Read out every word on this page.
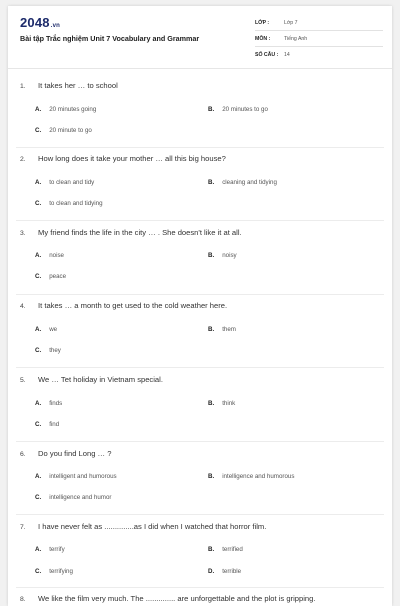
2048.vn
Bài tập Trắc nghiệm Unit 7 Vocabulary and Grammar
LỚP :	Lớp 7
MÔN :	Tiếng Anh
SỐ CÂU :	14
1.	It takes her … to school
A. 20 minutes going	B. 20 minutes to go
C. 20 minute to go
2.	How long does it take your mother … all this big house?
A. to clean and tidy	B. cleaning and tidying
C. to clean and tidying
3.	My friend finds the life in the city … . She doesn't like it at all.
A. noise	B. noisy
C. peace
4.	It takes … a month to get used to the cold weather here.
A. we	B. them
C. they
5.	We … Tet holiday in Vietnam special.
A. finds	B. think
C. find
6.	Do you find Long … ?
A. intelligent and humorous	B. intelligence and humorous
C. intelligence and humor
7.	I have never felt as ..............as I did when I watched that horror film.
A. terrify	B. terrified
C. terrifying	D. terrible
8.	We like the film very much. The .............. are unforgettable and the plot is gripping.
